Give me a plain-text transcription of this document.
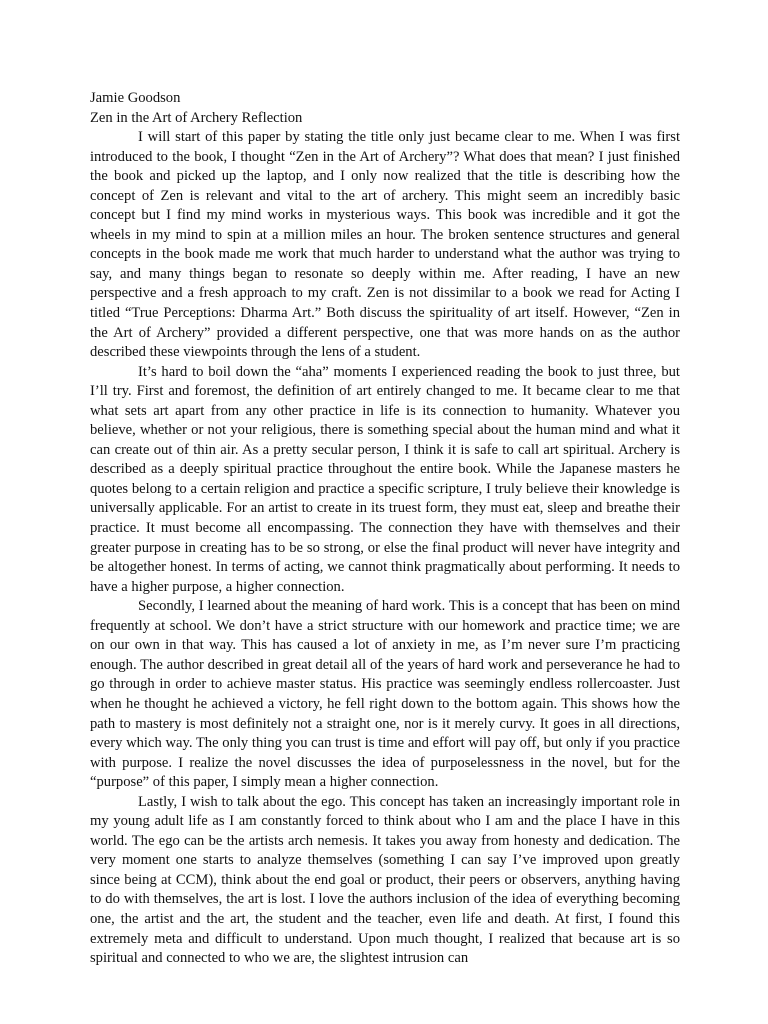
Jamie Goodson

Zen in the Art of Archery Reflection

I will start of this paper by stating the title only just became clear to me. When I was first introduced to the book, I thought “Zen in the Art of Archery”? What does that mean? I just finished the book and picked up the laptop, and I only now realized that the title is describing how the concept of Zen is relevant and vital to the art of archery. This might seem an incredibly basic concept but I find my mind works in mysterious ways. This book was incredible and it got the wheels in my mind to spin at a million miles an hour. The broken sentence structures and general concepts in the book made me work that much harder to understand what the author was trying to say, and many things began to resonate so deeply within me. After reading, I have an new perspective and a fresh approach to my craft. Zen is not dissimilar to a book we read for Acting I titled “True Perceptions: Dharma Art.” Both discuss the spirituality of art itself. However, “Zen in the Art of Archery” provided a different perspective, one that was more hands on as the author described these viewpoints through the lens of a student.

It’s hard to boil down the “aha” moments I experienced reading the book to just three, but I’ll try. First and foremost, the definition of art entirely changed to me. It became clear to me that what sets art apart from any other practice in life is its connection to humanity. Whatever you believe, whether or not your religious, there is something special about the human mind and what it can create out of thin air. As a pretty secular person, I think it is safe to call art spiritual. Archery is described as a deeply spiritual practice throughout the entire book. While the Japanese masters he quotes belong to a certain religion and practice a specific scripture, I truly believe their knowledge is universally applicable. For an artist to create in its truest form, they must eat, sleep and breathe their practice. It must become all encompassing. The connection they have with themselves and their greater purpose in creating has to be so strong, or else the final product will never have integrity and be altogether honest. In terms of acting, we cannot think pragmatically about performing. It needs to have a higher purpose, a higher connection.

Secondly, I learned about the meaning of hard work. This is a concept that has been on mind frequently at school. We don’t have a strict structure with our homework and practice time; we are on our own in that way. This has caused a lot of anxiety in me, as I’m never sure I’m practicing enough. The author described in great detail all of the years of hard work and perseverance he had to go through in order to achieve master status. His practice was seemingly endless rollercoaster. Just when he thought he achieved a victory, he fell right down to the bottom again. This shows how the path to mastery is most definitely not a straight one, nor is it merely curvy. It goes in all directions, every which way. The only thing you can trust is time and effort will pay off, but only if you practice with purpose. I realize the novel discusses the idea of purposelessness in the novel, but for the “purpose” of this paper, I simply mean a higher connection.

Lastly, I wish to talk about the ego. This concept has taken an increasingly important role in my young adult life as I am constantly forced to think about who I am and the place I have in this world. The ego can be the artists arch nemesis. It takes you away from honesty and dedication. The very moment one starts to analyze themselves (something I can say I’ve improved upon greatly since being at CCM), think about the end goal or product, their peers or observers, anything having to do with themselves, the art is lost. I love the authors inclusion of the idea of everything becoming one, the artist and the art, the student and the teacher, even life and death. At first, I found this extremely meta and difficult to understand. Upon much thought, I realized that because art is so spiritual and connected to who we are, the slightest intrusion can
